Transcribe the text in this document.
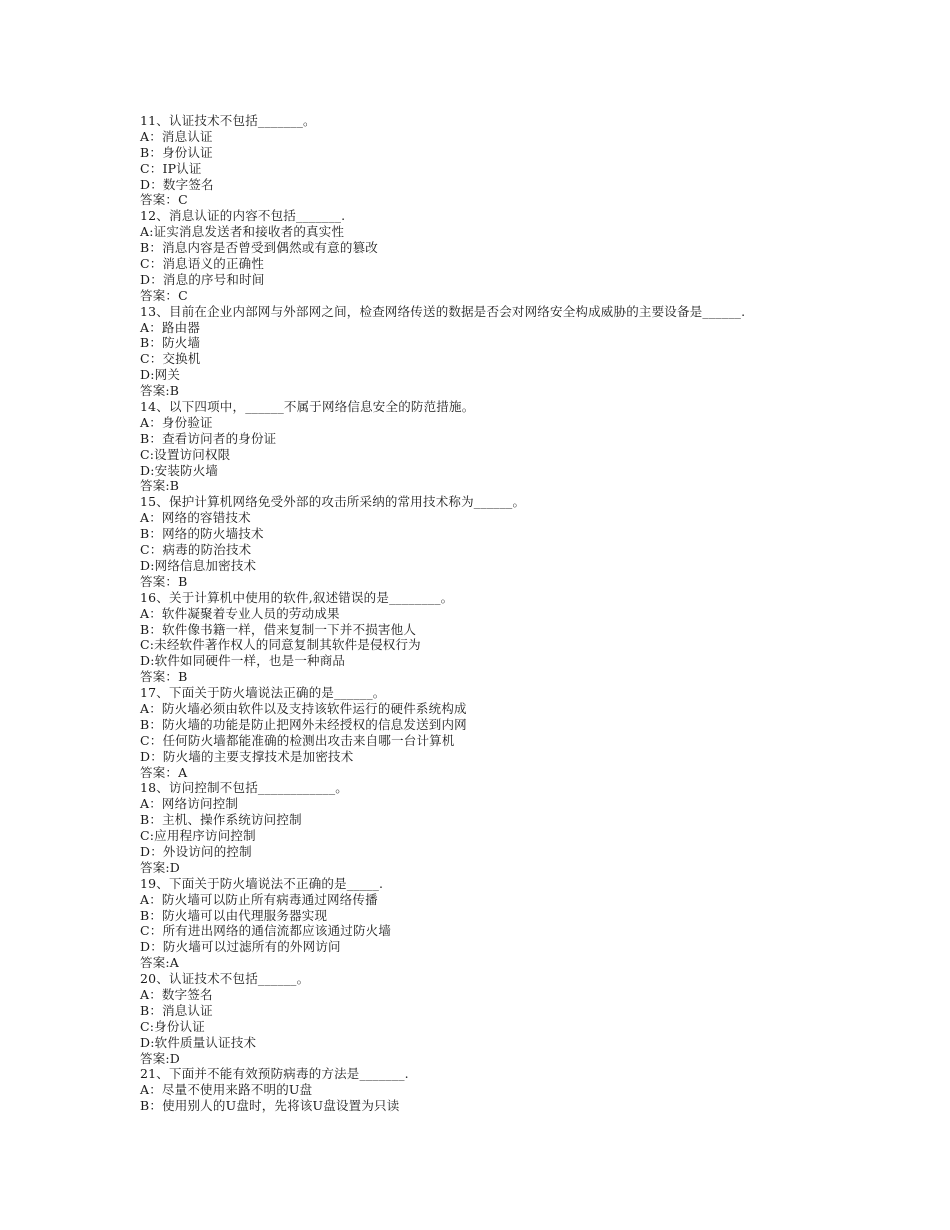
11、认证技术不包括_______。
A：消息认证
B：身份认证
C：IP认证
D：数字签名
答案：C
12、消息认证的内容不包括_______.
A:证实消息发送者和接收者的真实性
B：消息内容是否曾受到偶然或有意的篡改
C：消息语义的正确性
D：消息的序号和时间
答案：C
13、目前在企业内部网与外部网之间，检查网络传送的数据是否会对网络安全构成威胁的主要设备是______.
A：路由器
B：防火墙
C：交换机
D:网关
答案:B
14、以下四项中，______不属于网络信息安全的防范措施。
A：身份验证
B：查看访问者的身份证
C:设置访问权限
D:安装防火墙
答案:B
15、保护计算机网络免受外部的攻击所采纳的常用技术称为______。
A：网络的容错技术
B：网络的防火墙技术
C：病毒的防治技术
D:网络信息加密技术
答案：B
16、关于计算机中使用的软件,叙述错误的是________。
A：软件凝聚着专业人员的劳动成果
B：软件像书籍一样，借来复制一下并不损害他人
C:未经软件著作权人的同意复制其软件是侵权行为
D:软件如同硬件一样，也是一种商品
答案：B
17、下面关于防火墙说法正确的是______。
A：防火墙必须由软件以及支持该软件运行的硬件系统构成
B：防火墙的功能是防止把网外未经授权的信息发送到内网
C：任何防火墙都能准确的检测出攻击来自哪一台计算机
D：防火墙的主要支撑技术是加密技术
答案：A
18、访问控制不包括____________。
A：网络访问控制
B：主机、操作系统访问控制
C:应用程序访问控制
D：外设访问的控制
答案:D
19、下面关于防火墙说法不正确的是_____.
A：防火墙可以防止所有病毒通过网络传播
B：防火墙可以由代理服务器实现
C：所有进出网络的通信流都应该通过防火墙
D：防火墙可以过滤所有的外网访问
答案:A
20、认证技术不包括______。
A：数字签名
B：消息认证
C:身份认证
D:软件质量认证技术
答案:D
21、下面并不能有效预防病毒的方法是_______.
A：尽量不使用来路不明的U盘
B：使用别人的U盘时，先将该U盘设置为只读
